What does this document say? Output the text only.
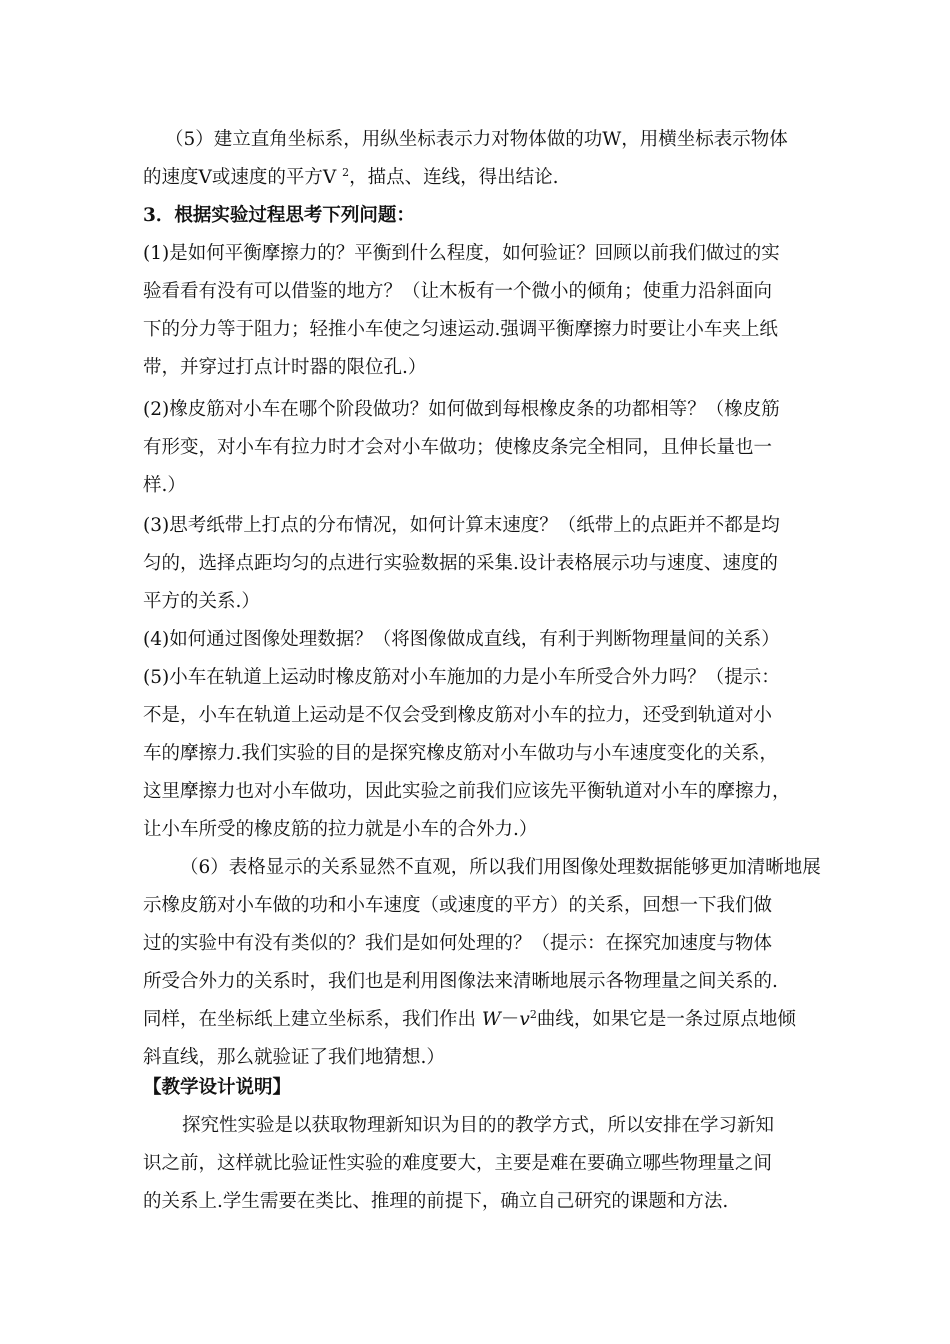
（5）建立直角坐标系，用纵坐标表示力对物体做的功W，用横坐标表示物体
的速度V或速度的平方V $^2$，描点、连线，得出结论.
3．根据实验过程思考下列问题：
(1)是如何平衡摩擦力的？平衡到什么程度，如何验证？回顾以前我们做过的实
验看看有没有可以借鉴的地方？（让木板有一个微小的倾角；使重力沿斜面向
下的分力等于阻力；轻推小车使之匀速运动.强调平衡摩擦力时要让小车夹上纸
带，并穿过打点计时器的限位孔.）
(2)橡皮筋对小车在哪个阶段做功？如何做到每根橡皮条的功都相等？（橡皮筋
有形变，对小车有拉力时才会对小车做功；使橡皮条完全相同，且伸长量也一
样.）
(3)思考纸带上打点的分布情况，如何计算末速度？（纸带上的点距并不都是均
匀的，选择点距均匀的点进行实验数据的采集.设计表格展示功与速度、速度的
平方的关系.）
(4)如何通过图像处理数据？（将图像做成直线，有利于判断物理量间的关系）
(5)小车在轨道上运动时橡皮筋对小车施加的力是小车所受合外力吗？（提示：
不是，小车在轨道上运动是不仅会受到橡皮筋对小车的拉力，还受到轨道对小
车的摩擦力.我们实验的目的是探究橡皮筋对小车做功与小车速度变化的关系，
这里摩擦力也对小车做功，因此实验之前我们应该先平衡轨道对小车的摩擦力，
让小车所受的橡皮筋的拉力就是小车的合外力.）
（6）表格显示的关系显然不直观，所以我们用图像处理数据能够更加清晰地展
示橡皮筋对小车做的功和小车速度（或速度的平方）的关系，回想一下我们做
过的实验中有没有类似的？我们是如何处理的？（提示：在探究加速度与物体
所受合外力的关系时，我们也是利用图像法来清晰地展示各物理量之间关系的.
同样，在坐标纸上建立坐标系，我们作出 $W-v^2$曲线，如果它是一条过原点地倾
斜直线，那么就验证了我们地猜想.）
【教学设计说明】
探究性实验是以获取物理新知识为目的的教学方式，所以安排在学习新知
识之前，这样就比验证性实验的难度要大，主要是难在要确立哪些物理量之间
的关系上.学生需要在类比、推理的前提下，确立自己研究的课题和方法.
